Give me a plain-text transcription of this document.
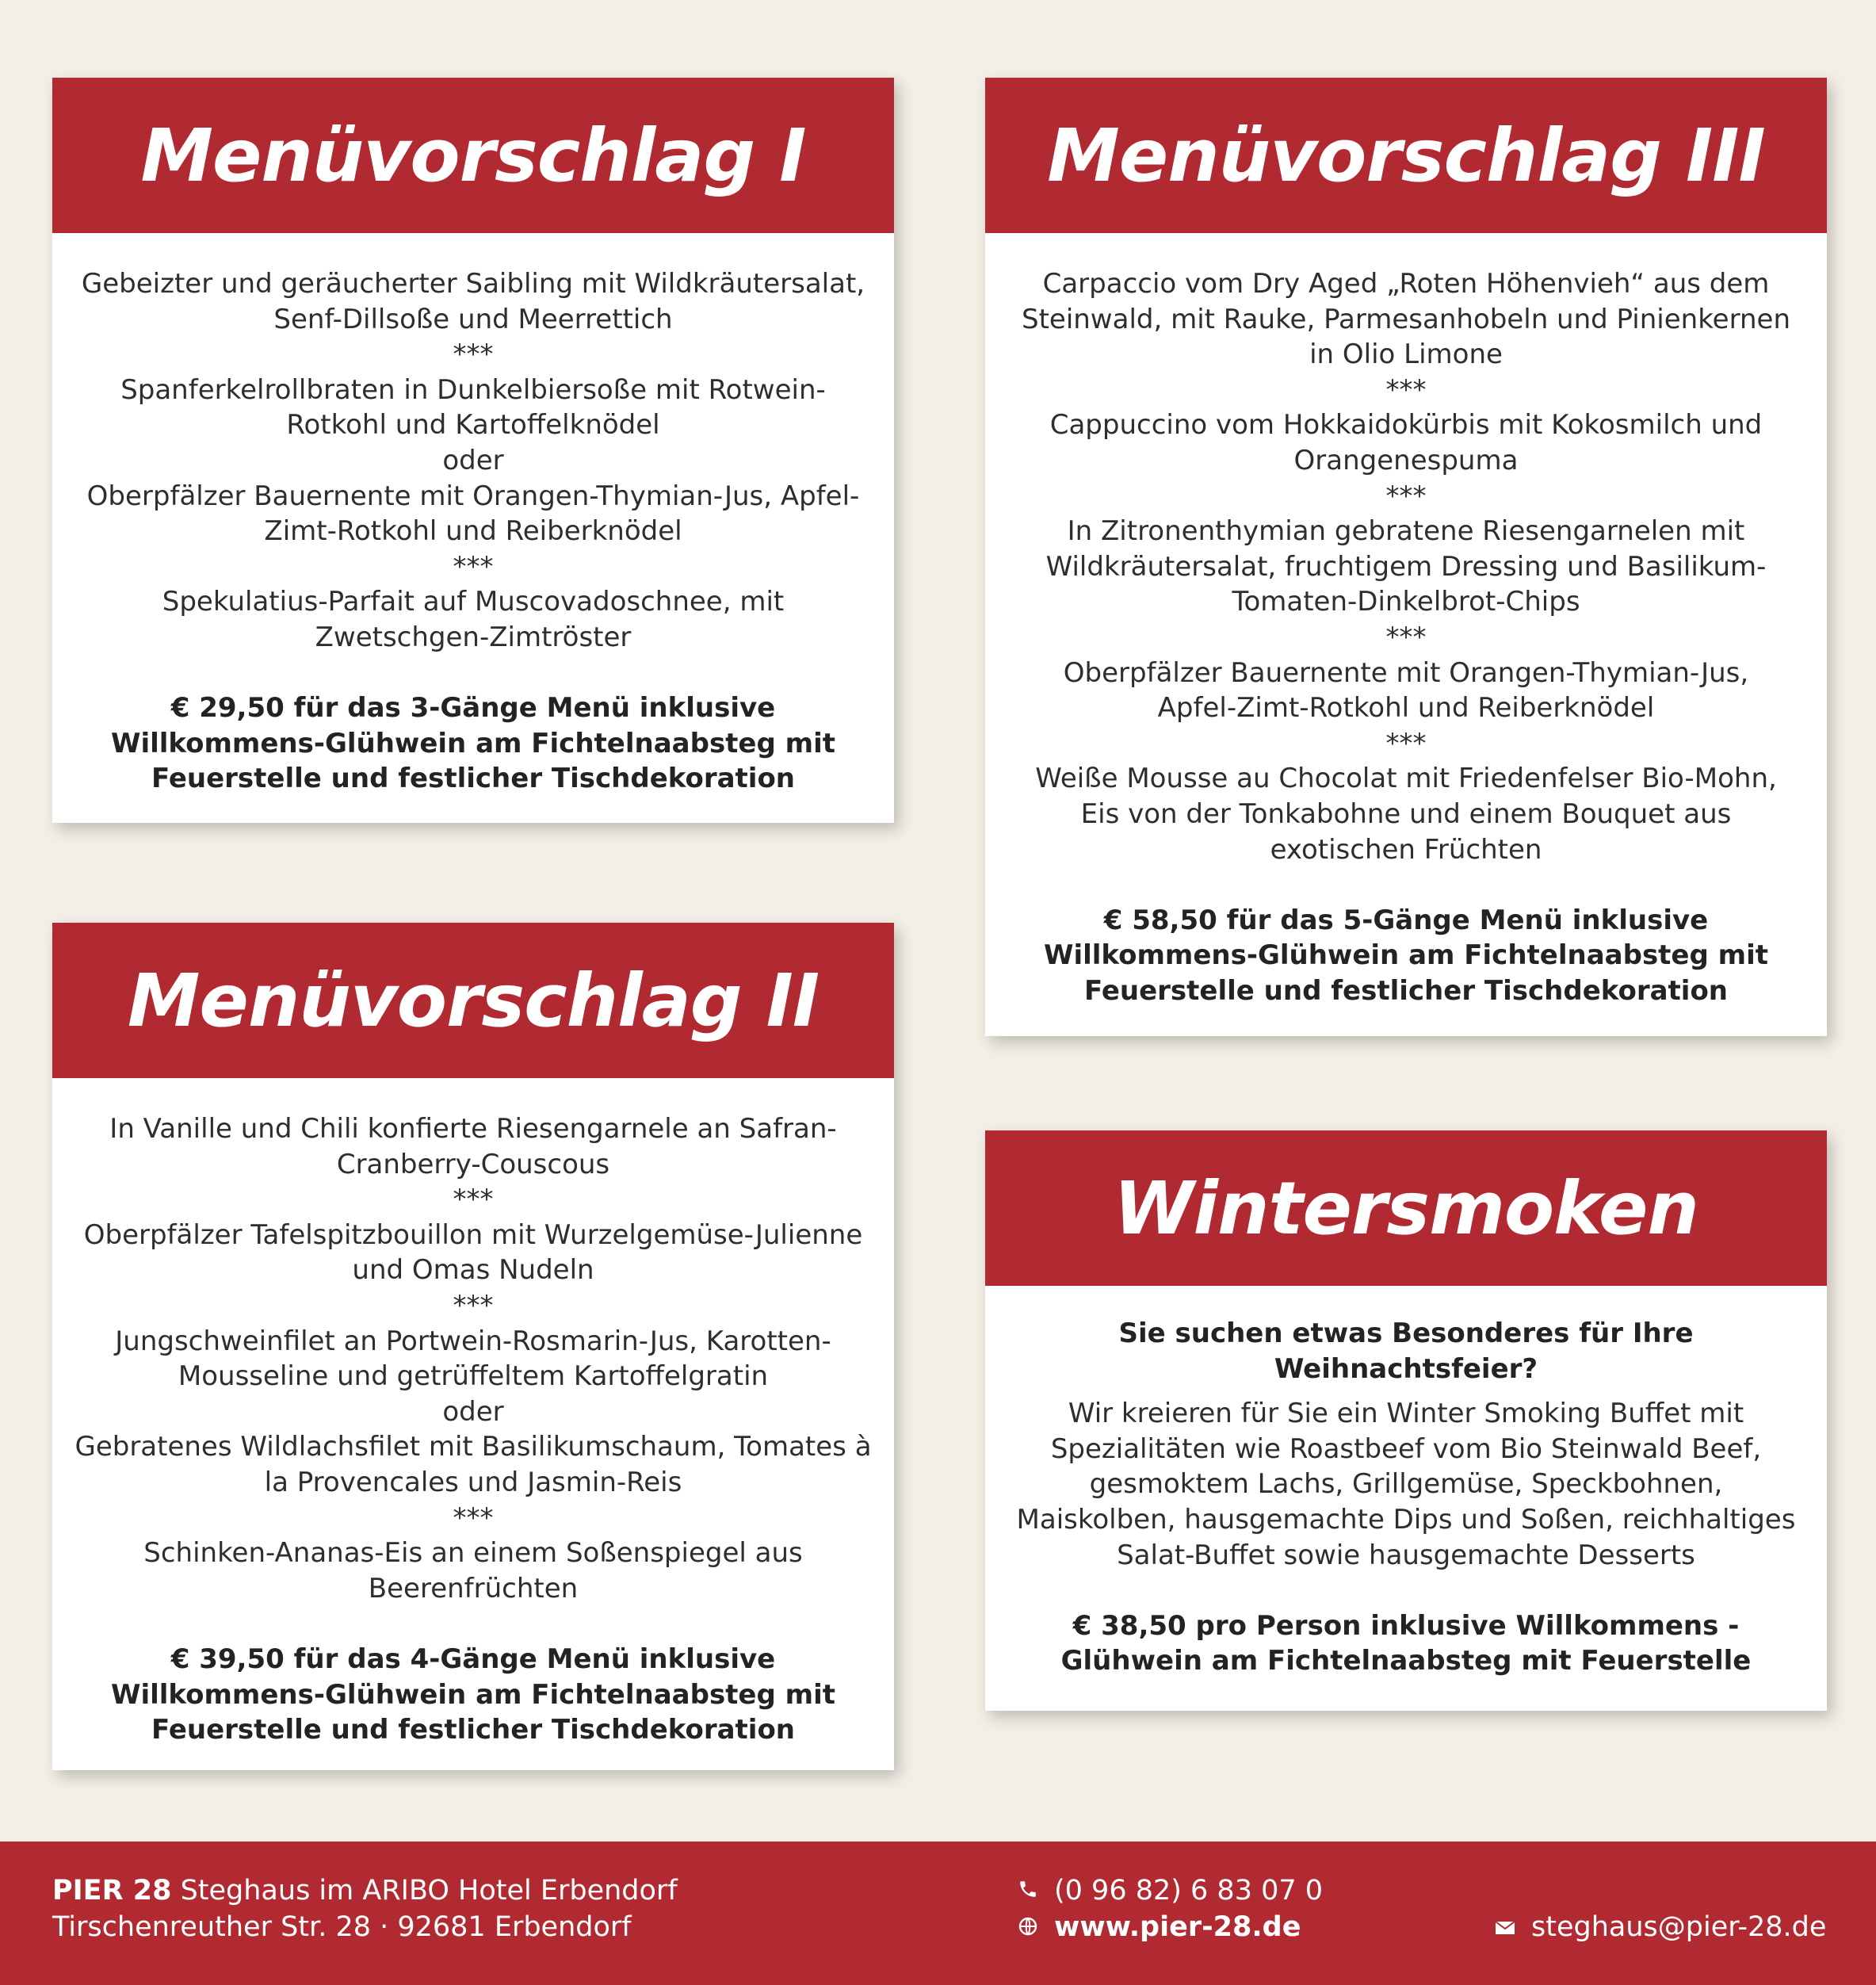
Menüvorschlag I
Gebeizter und geräucherter Saibling mit Wildkräutersalat,
Senf-Dillsoße und Meerrettich
***
Spanferkelrollbraten in Dunkelbiersoße mit Rotwein-
Rotkohl und Kartoffelknödel
oder
Oberpfälzer Bauernente mit Orangen-Thymian-Jus, Apfel-
Zimt-Rotkohl und Reiberknödel
***
Spekulatius-Parfait auf Muscovadoschnee, mit
Zwetschgen-Zimtröster
€ 29,50 für das 3-Gänge Menü inklusive
Willkommens-Glühwein am Fichtelnaabsteg mit
Feuerstelle und festlicher Tischdekoration
Menüvorschlag II
In Vanille und Chili konfierte Riesengarnele an Safran-
Cranberry-Couscous
***
Oberpfälzer Tafelspitzbouillon mit Wurzelgemüse-Julienne
und Omas Nudeln
***
Jungschweinfilet an Portwein-Rosmarin-Jus, Karotten-
Mousseline und getrüffeltem Kartoffelgratin
oder
Gebratenes Wildlachsfilet mit Basilikumschaum, Tomates à
la Provencales und Jasmin-Reis
***
Schinken-Ananas-Eis an einem Soßenspiegel aus
Beerenfrüchten
€ 39,50 für das 4-Gänge Menü inklusive
Willkommens-Glühwein am Fichtelnaabsteg mit
Feuerstelle und festlicher Tischdekoration
Menüvorschlag III
Carpaccio vom Dry Aged „Roten Höhenvieh“ aus dem
Steinwald, mit Rauke, Parmesanhobeln und Pinienkernen
in Olio Limone
***
Cappuccino vom Hokkaidokürbis mit Kokosmilch und
Orangenespuma
***
In Zitronenthymian gebratene Riesengarnelen mit
Wildkräutersalat, fruchtigem Dressing und Basilikum-
Tomaten-Dinkelbrot-Chips
***
Oberpfälzer Bauernente mit Orangen-Thymian-Jus,
Apfel-Zimt-Rotkohl und Reiberknödel
***
Weiße Mousse au Chocolat mit Friedenfelser Bio-Mohn,
Eis von der Tonkabohne und einem Bouquet aus
exotischen Früchten
€ 58,50 für das 5-Gänge Menü inklusive
Willkommens-Glühwein am Fichtelnaabsteg mit
Feuerstelle und festlicher Tischdekoration
Wintersmoken
Sie suchen etwas Besonderes für Ihre
Weihnachtsfeier?
Wir kreieren für Sie ein Winter Smoking Buffet mit
Spezialitäten wie Roastbeef vom Bio Steinwald Beef,
gesmoktem Lachs, Grillgemüse, Speckbohnen,
Maiskolben, hausgemachte Dips und Soßen, reichhaltiges
Salat-Buffet sowie hausgemachte Desserts
€ 38,50 pro Person inklusive Willkommens -
Glühwein am Fichtelnaabsteg mit Feuerstelle
PIER 28 Steghaus im ARIBO Hotel Erbendorf
Tirschenreuther Str. 28 · 92681 Erbendorf
(0 96 82) 6 83 07 0
www.pier-28.de	steghaus@pier-28.de
